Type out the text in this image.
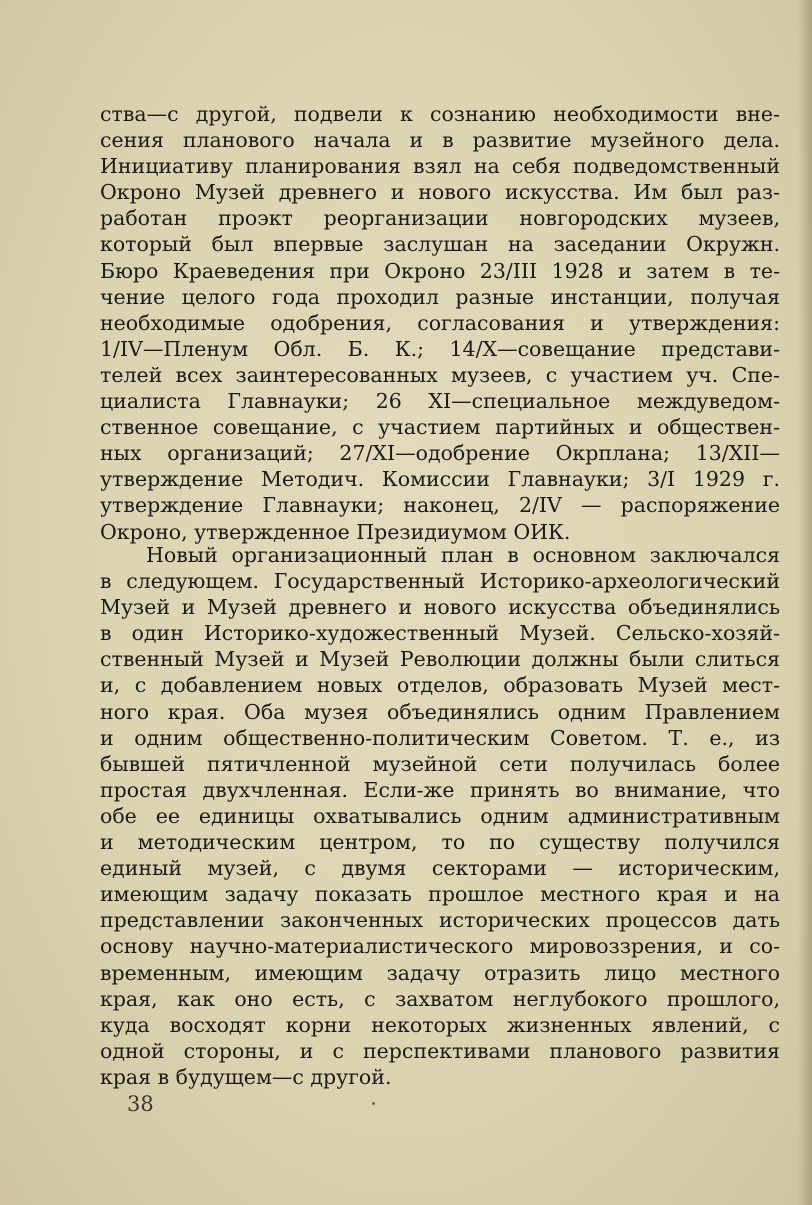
ства—с другой, подвели к сознанию необходимости вне-
сения планового начала и в развитие музейного дела.
Инициативу планирования взял на себя подведомственный
Окроно Музей древнего и нового искусства. Им был раз-
работан проэкт реорганизации новгородских музеев,
который был впервые заслушан на заседании Окружн.
Бюро Краеведения при Окроно 23/III 1928 и затем в те-
чение целого года проходил разные инстанции, получая
необходимые одобрения, согласования и утверждения:
1/IV—Пленум Обл. Б. К.; 14/X—совещание представи-
телей всех заинтересованных музеев, с участием уч. Спе-
циалиста Главнауки; 26 XI—специальное междуведом-
ственное совещание, с участием партийных и обществен-
ных организаций; 27/XI—одобрение Окрплана; 13/XII—
утверждение Методич. Комиссии Главнауки; 3/I 1929 г.
утверждение Главнауки; наконец, 2/IV — распоряжение
Окроно, утвержденное Президиумом ОИК.
Новый организационный план в основном заключался
в следующем. Государственный Историко-археологический
Музей и Музей древнего и нового искусства объединялись
в один Историко-художественный Музей. Сельско-хозяй-
ственный Музей и Музей Революции должны были слиться
и, с добавлением новых отделов, образовать Музей мест-
ного края. Оба музея объединялись одним Правлением
и одним общественно-политическим Советом. Т. е., из
бывшей пятичленной музейной сети получилась более
простая двухчленная. Если-же принять во внимание, что
обе ее единицы охватывались одним административным
и методическим центром, то по существу получился
единый музей, с двумя секторами — историческим,
имеющим задачу показать прошлое местного края и на
представлении законченных исторических процессов дать
основу научно-материалистического мировоззрения, и со-
временным, имеющим задачу отразить лицо местного
края, как оно есть, с захватом неглубокого прошлого,
куда восходят корни некоторых жизненных явлений, с
одной стороны, и с перспективами планового развития
края в будущем—с другой.
38
